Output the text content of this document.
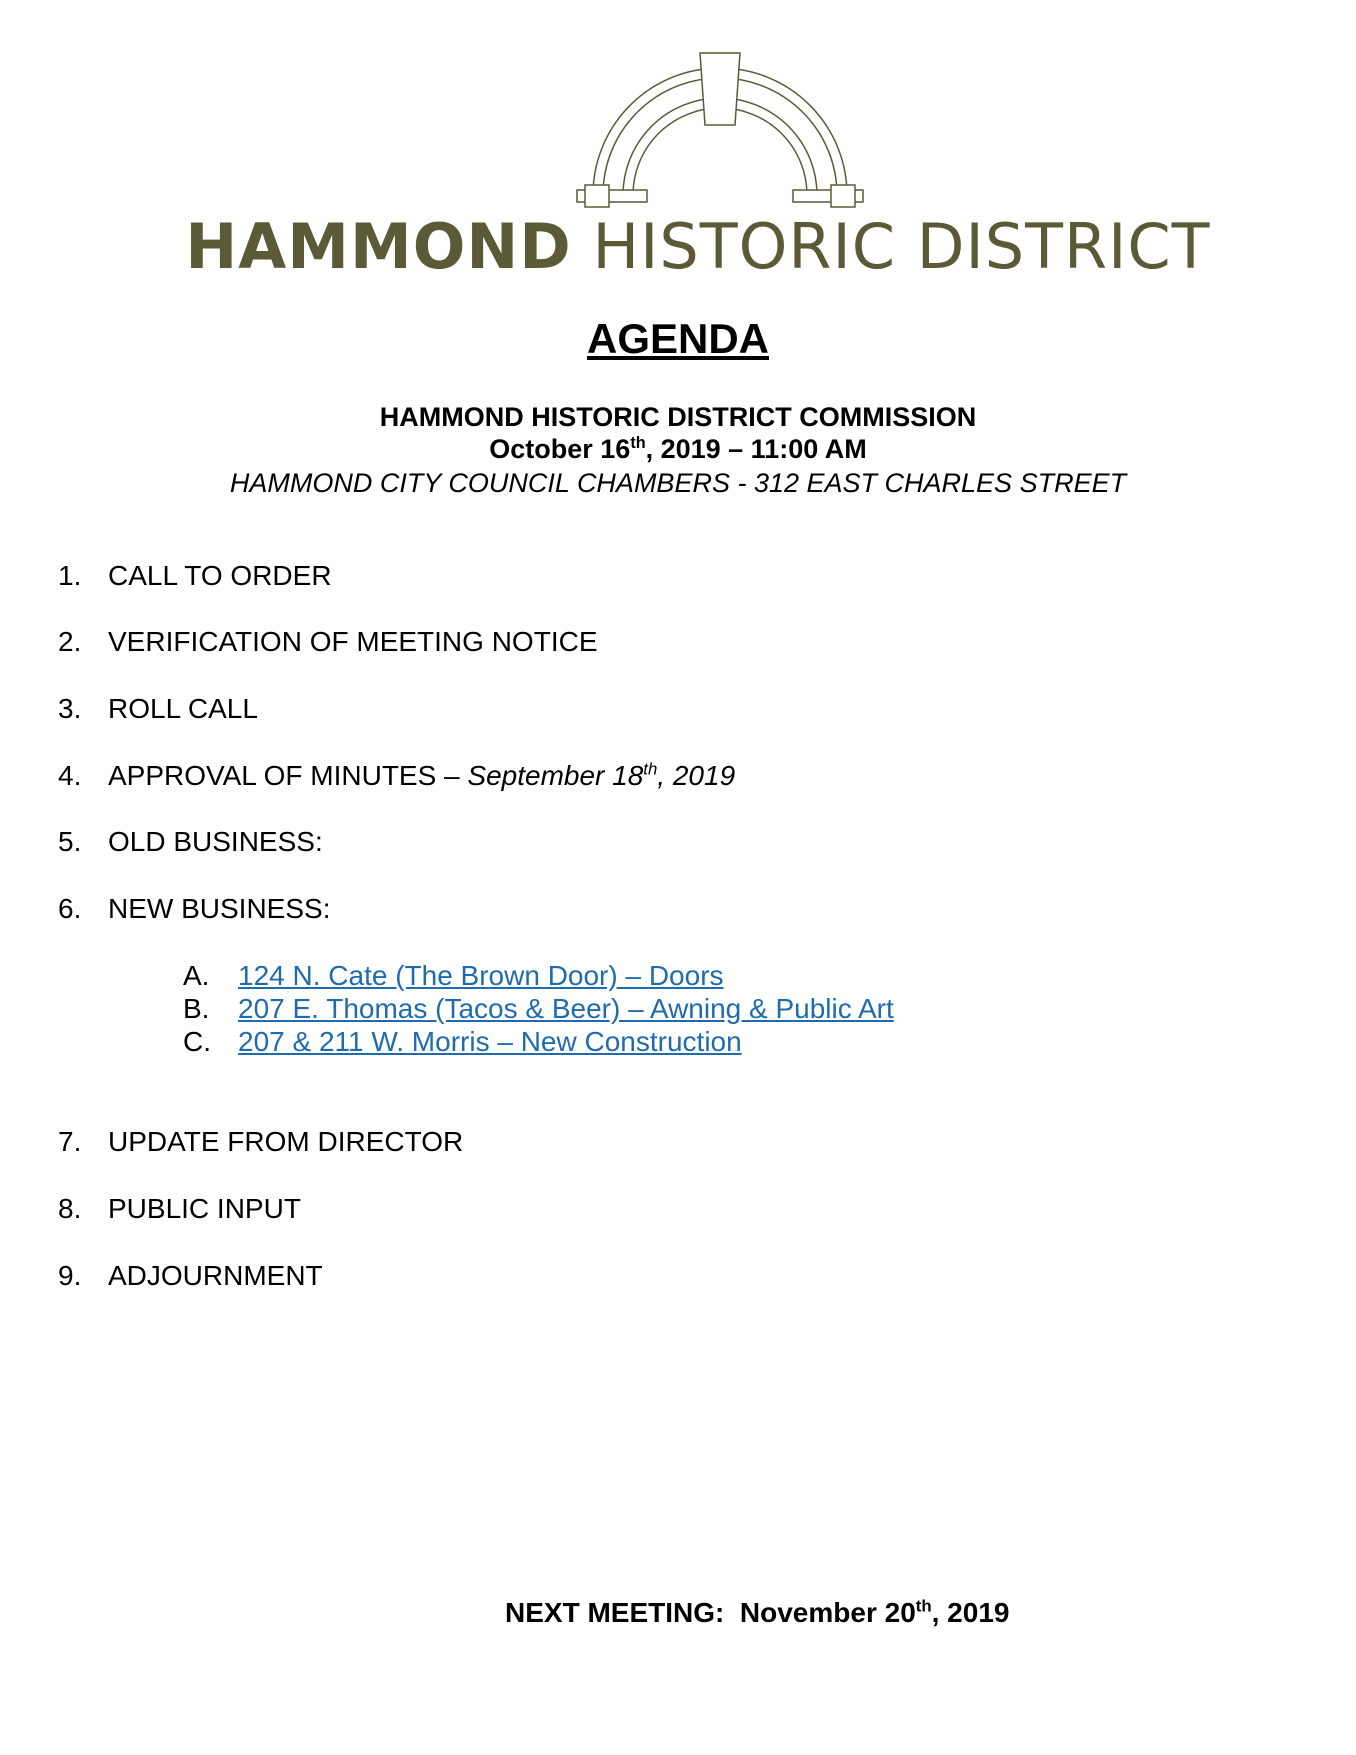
HAMMOND HISTORIC DISTRICT
AGENDA
HAMMOND HISTORIC DISTRICT COMMISSION
October 16th, 2019 – 11:00 AM
HAMMOND CITY COUNCIL CHAMBERS - 312 EAST CHARLES STREET
1. CALL TO ORDER
2. VERIFICATION OF MEETING NOTICE
3. ROLL CALL
4. APPROVAL OF MINUTES – September 18th, 2019
5. OLD BUSINESS:
6. NEW BUSINESS:
A. 124 N. Cate (The Brown Door) – Doors
B. 207 E. Thomas (Tacos & Beer) – Awning & Public Art
C. 207 & 211 W. Morris – New Construction
7. UPDATE FROM DIRECTOR
8. PUBLIC INPUT
9. ADJOURNMENT
NEXT MEETING: November 20th, 2019
